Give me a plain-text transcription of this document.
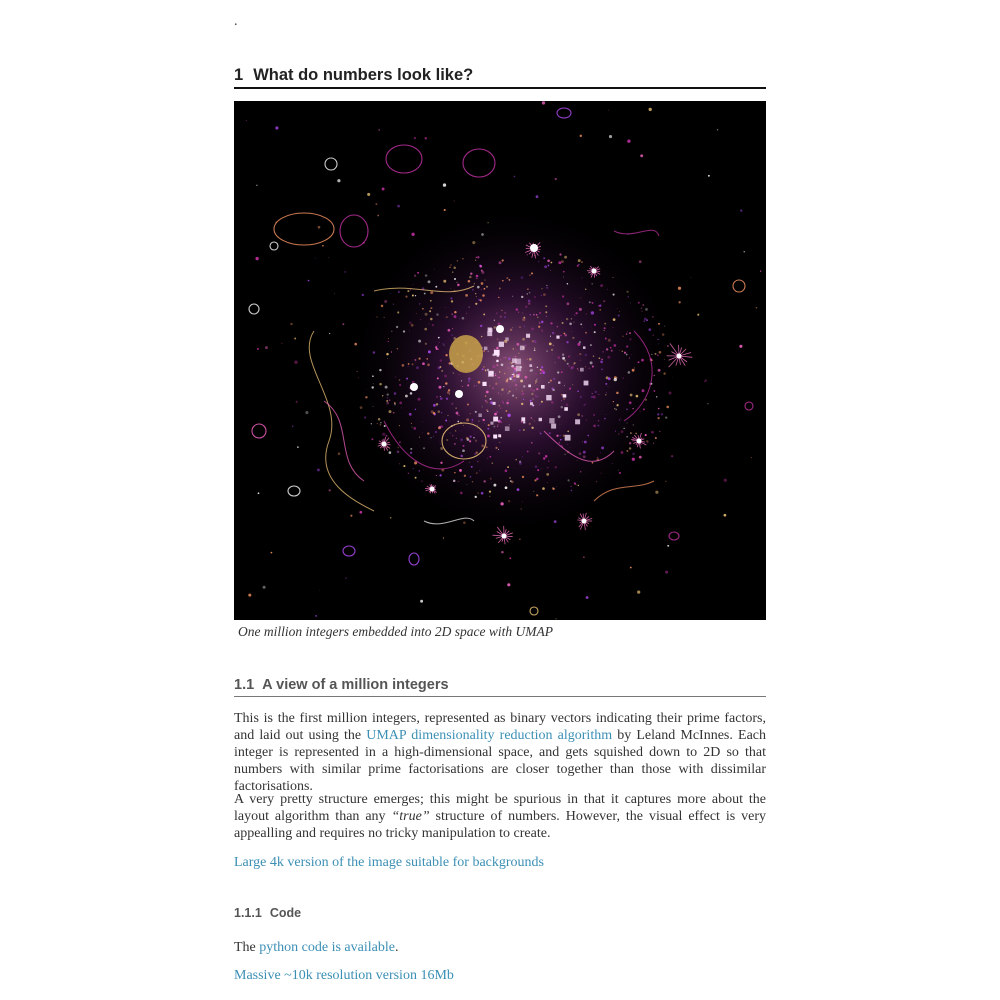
.
1 What do numbers look like?
One million integers embedded into 2D space with UMAP
1.1 A view of a million integers

This is the first million integers, represented as binary vectors indicating their prime factors, and laid out using the UMAP dimensionality reduction algorithm by Leland McInnes. Each integer is represented in a high-dimensional space, and gets squished down to 2D so that numbers with similar prime factorisations are closer together than those with dissimilar factorisations.

A very pretty structure emerges; this might be spurious in that it captures more about the layout algorithm than any “true” structure of numbers. However, the visual effect is very appealling and requires no tricky manipulation to create.

Large 4k version of the image suitable for backgrounds
1.1.1 Code

The python code is available.

Massive ~10k resolution version 16Mb
